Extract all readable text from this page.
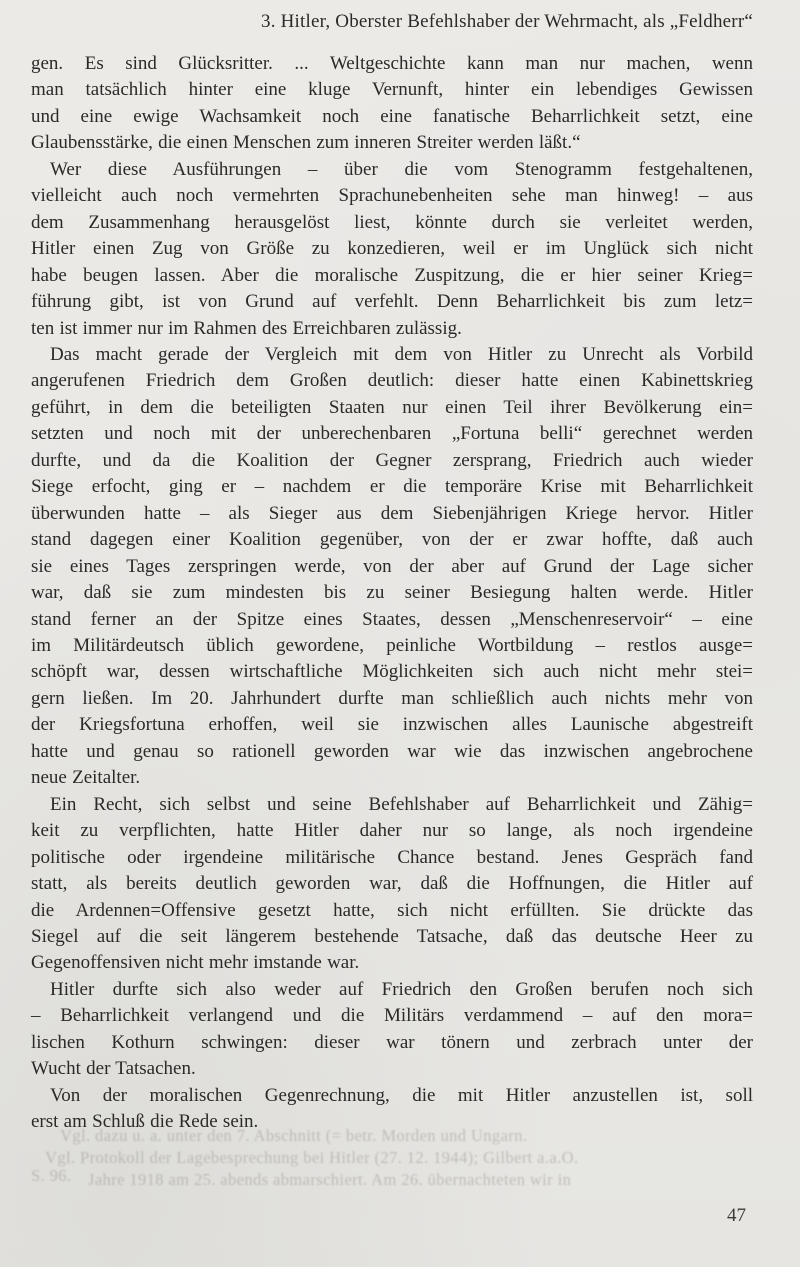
3. Hitler, Oberster Befehlshaber der Wehrmacht, als „Feldherr“
gen. Es sind Glücksritter. ... Weltgeschichte kann man nur machen, wenn
man tatsächlich hinter eine kluge Vernunft, hinter ein lebendiges Gewissen
und eine ewige Wachsamkeit noch eine fanatische Beharrlichkeit setzt, eine
Glaubensstärke, die einen Menschen zum inneren Streiter werden läßt.“
Wer diese Ausführungen – über die vom Stenogramm festgehaltenen,
vielleicht auch noch vermehrten Sprachunebenheiten sehe man hinweg! – aus
dem Zusammenhang herausgelöst liest, könnte durch sie verleitet werden,
Hitler einen Zug von Größe zu konzedieren, weil er im Unglück sich nicht
habe beugen lassen. Aber die moralische Zuspitzung, die er hier seiner Krieg=
führung gibt, ist von Grund auf verfehlt. Denn Beharrlichkeit bis zum letz=
ten ist immer nur im Rahmen des Erreichbaren zulässig.
Das macht gerade der Vergleich mit dem von Hitler zu Unrecht als Vorbild
angerufenen Friedrich dem Großen deutlich: dieser hatte einen Kabinettskrieg
geführt, in dem die beteiligten Staaten nur einen Teil ihrer Bevölkerung ein=
setzten und noch mit der unberechenbaren „Fortuna belli“ gerechnet werden
durfte, und da die Koalition der Gegner zersprang, Friedrich auch wieder
Siege erfocht, ging er – nachdem er die temporäre Krise mit Beharrlichkeit
überwunden hatte – als Sieger aus dem Siebenjährigen Kriege hervor. Hitler
stand dagegen einer Koalition gegenüber, von der er zwar hoffte, daß auch
sie eines Tages zerspringen werde, von der aber auf Grund der Lage sicher
war, daß sie zum mindesten bis zu seiner Besiegung halten werde. Hitler
stand ferner an der Spitze eines Staates, dessen „Menschenreservoir“ – eine
im Militärdeutsch üblich gewordene, peinliche Wortbildung – restlos ausge=
schöpft war, dessen wirtschaftliche Möglichkeiten sich auch nicht mehr stei=
gern ließen. Im 20. Jahrhundert durfte man schließlich auch nichts mehr von
der Kriegsfortuna erhoffen, weil sie inzwischen alles Launische abgestreift
hatte und genau so rationell geworden war wie das inzwischen angebrochene
neue Zeitalter.
Ein Recht, sich selbst und seine Befehlshaber auf Beharrlichkeit und Zähig=
keit zu verpflichten, hatte Hitler daher nur so lange, als noch irgendeine
politische oder irgendeine militärische Chance bestand. Jenes Gespräch fand
statt, als bereits deutlich geworden war, daß die Hoffnungen, die Hitler auf
die Ardennen=Offensive gesetzt hatte, sich nicht erfüllten. Sie drückte das
Siegel auf die seit längerem bestehende Tatsache, daß das deutsche Heer zu
Gegenoffensiven nicht mehr imstande war.
Hitler durfte sich also weder auf Friedrich den Großen berufen noch sich
– Beharrlichkeit verlangend und die Militärs verdammend – auf den mora=
lischen Kothurn schwingen: dieser war tönern und zerbrach unter der
Wucht der Tatsachen.
Von der moralischen Gegenrechnung, die mit Hitler anzustellen ist, soll
erst am Schluß die Rede sein.
Vgl. dazu u. a. unter den 7. Abschnitt (= betr. Morden und Ungarn.
Vgl. Protokoll der Lagebesprechung bei Hitler (27. 12. 1944); Gilbert a.a.O.
S. 96. Jahre 1918 am 25. abends abmarschiert. Am 26. übernachteten wir in
47
